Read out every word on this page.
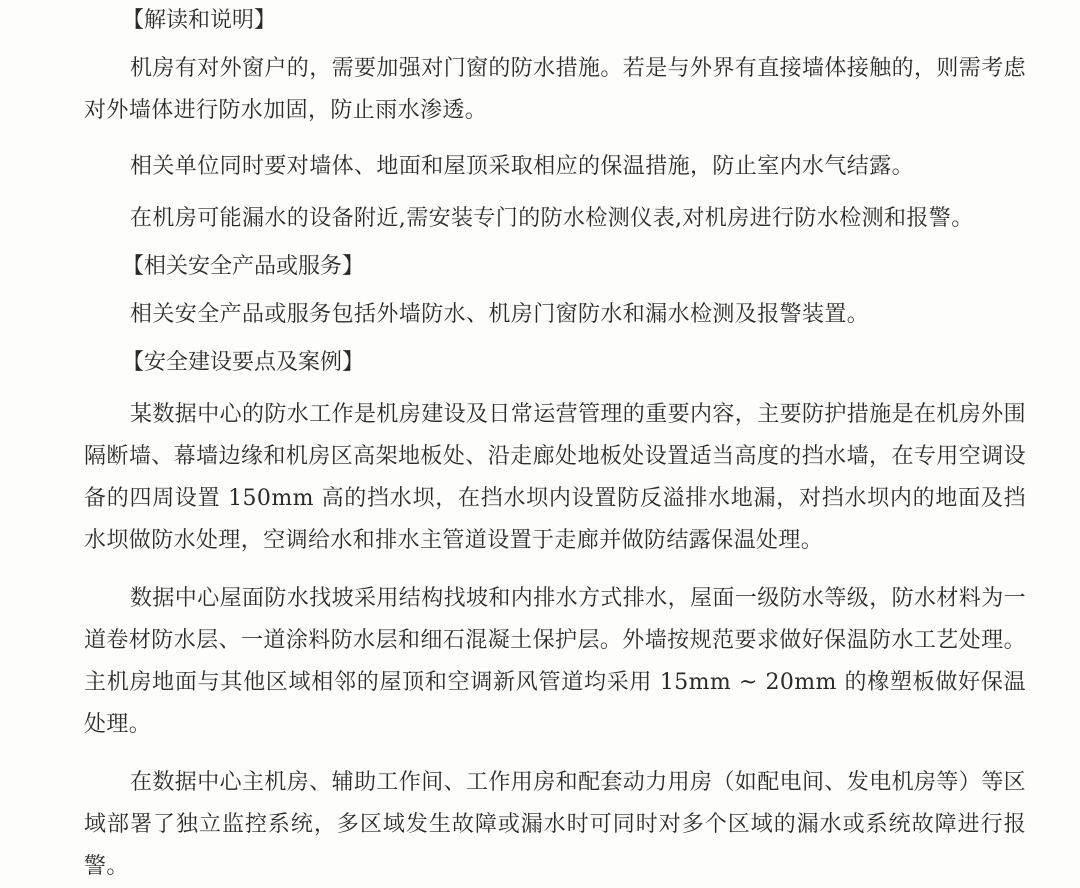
【解读和说明】

机房有对外窗户的，需要加强对门窗的防水措施。若是与外界有直接墙体接触的，则需考虑对外墙体进行防水加固，防止雨水渗透。

相关单位同时要对墙体、地面和屋顶采取相应的保温措施，防止室内水气结露。

在机房可能漏水的设备附近,需安装专门的防水检测仪表,对机房进行防水检测和报警。

【相关安全产品或服务】

相关安全产品或服务包括外墙防水、机房门窗防水和漏水检测及报警装置。

【安全建设要点及案例】

某数据中心的防水工作是机房建设及日常运营管理的重要内容，主要防护措施是在机房外围隔断墙、幕墙边缘和机房区高架地板处、沿走廊处地板处设置适当高度的挡水墙，在专用空调设备的四周设置 150mm 高的挡水坝，在挡水坝内设置防反溢排水地漏，对挡水坝内的地面及挡水坝做防水处理，空调给水和排水主管道设置于走廊并做防结露保温处理。

数据中心屋面防水找坡采用结构找坡和内排水方式排水，屋面一级防水等级，防水材料为一道卷材防水层、一道涂料防水层和细石混凝土保护层。外墙按规范要求做好保温防水工艺处理。主机房地面与其他区域相邻的屋顶和空调新风管道均采用 15mm ~ 20mm 的橡塑板做好保温处理。

在数据中心主机房、辅助工作间、工作用房和配套动力用房（如配电间、发电机房等）等区域部署了独立监控系统，多区域发生故障或漏水时可同时对多个区域的漏水或系统故障进行报警。
